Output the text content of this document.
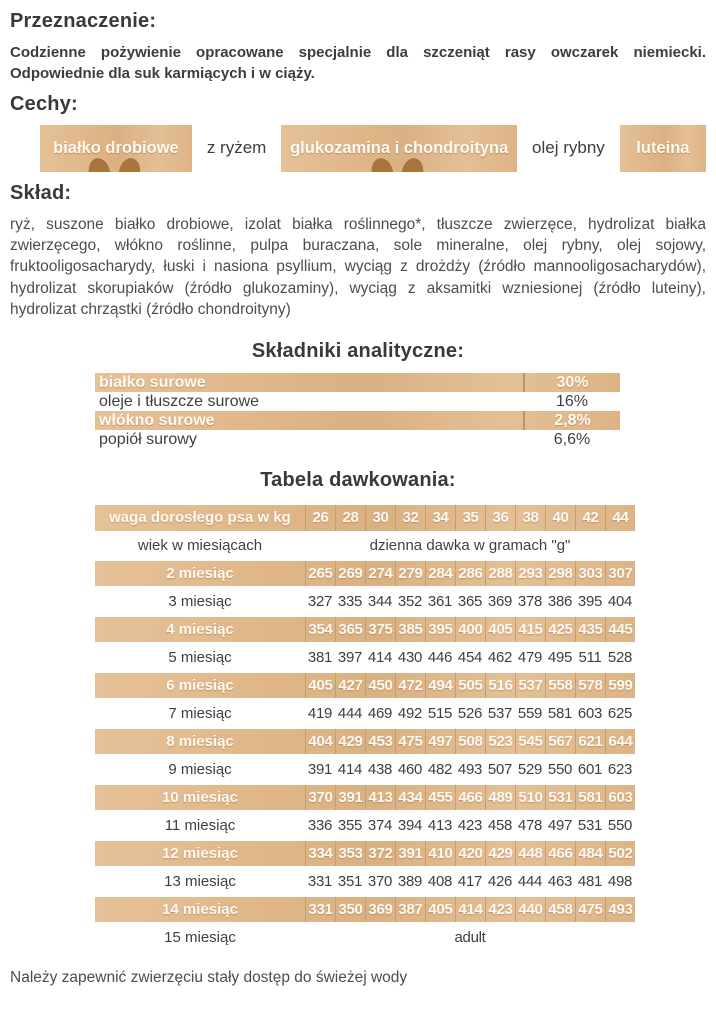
Przeznaczenie:

Codzienne pożywienie opracowane specjalnie dla szczeniąt rasy owczarek niemiecki. Odpowiednie dla suk karmiących i w ciąży.

Cechy:
białko drobiowe z ryżem glukozamina i chondroityna olej rybny luteina
Skład:

ryż, suszone białko drobiowe, izolat białka roślinnego*, tłuszcze zwierzęce, hydrolizat białka zwierzęcego, włókno roślinne, pulpa buraczana, sole mineralne, olej rybny, olej sojowy, fruktooligosacharydy, łuski i nasiona psyllium, wyciąg z drożdży (źródło mannooligosacharydów), hydrolizat skorupiaków (źródło glukozaminy), wyciąg z aksamitki wzniesionej (źródło luteiny), hydrolizat chrząstki (źródło chondroityny)

Składniki analityczne:
białko surowe	30%
oleje i tłuszcze surowe	16%
włókno surowe	2,8%
popiół surowy	6,6%
Tabela dawkowania:
waga dorosłego psa w kg	26	28	30	32	34	35	36	38	40	42	44
wiek w miesiącach	dzienna dawka w gramach "g"										
2 miesiąc	265	269	274	279	284	286	288	293	298	303	307
3 miesiąc	327	335	344	352	361	365	369	378	386	395	404
4 miesiąc	354	365	375	385	395	400	405	415	425	435	445
5 miesiąc	381	397	414	430	446	454	462	479	495	511	528
6 miesiąc	405	427	450	472	494	505	516	537	558	578	599
7 miesiąc	419	444	469	492	515	526	537	559	581	603	625
8 miesiąc	404	429	453	475	497	508	523	545	567	621	644
9 miesiąc	391	414	438	460	482	493	507	529	550	601	623
10 miesiąc	370	391	413	434	455	466	489	510	531	581	603
11 miesiąc	336	355	374	394	413	423	458	478	497	531	550
12 miesiąc	334	353	372	391	410	420	429	448	466	484	502
13 miesiąc	331	351	370	389	408	417	426	444	463	481	498
14 miesiąc	331	350	369	387	405	414	423	440	458	475	493
15 miesiąc	adult										

Należy zapewnić zwierzęciu stały dostęp do świeżej wody
